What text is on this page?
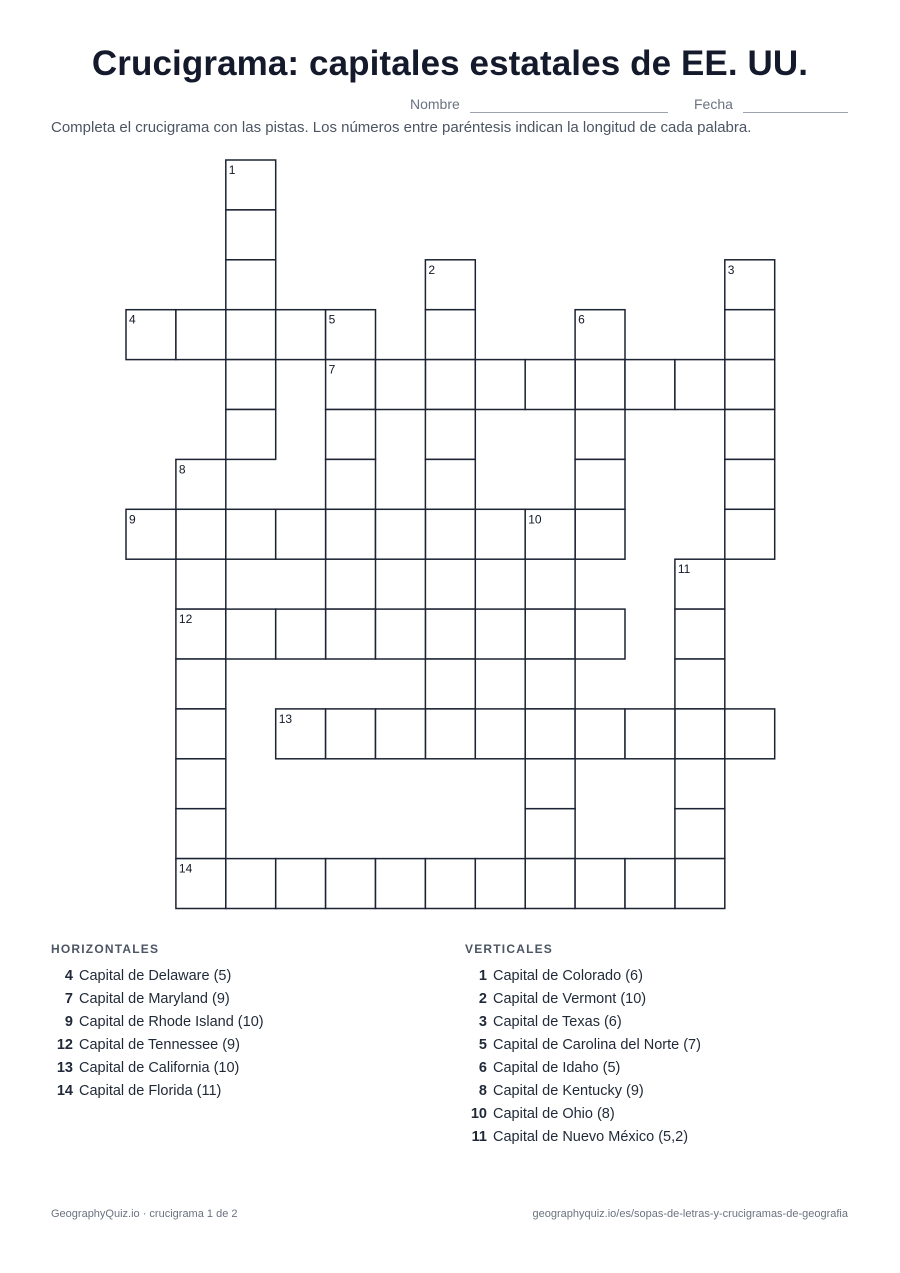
Crucigrama: capitales estatales de EE. UU.
Nombre	Fecha
Completa el crucigrama con las pistas. Los números entre paréntesis indican la longitud de cada palabra.
1
2	3
4	5
7
6
8
12
14
9	10
11
13
HORIZONTALES
4 Capital de Delaware (5)
7 Capital de Maryland (9)
9 Capital de Rhode Island (10)
12 Capital de Tennessee (9)
13 Capital de California (10)
14 Capital de Florida (11)
VERTICALES
1 Capital de Colorado (6)
2 Capital de Vermont (10)
3 Capital de Texas (6)
5 Capital de Carolina del Norte (7)
6 Capital de Idaho (5)
8 Capital de Kentucky (9)
10 Capital de Ohio (8)
11 Capital de Nuevo México (5,2)
GeographyQuiz.io · crucigrama 1 de 2	geographyquiz.io/es/sopas-de-letras-y-crucigramas-de-geografia
